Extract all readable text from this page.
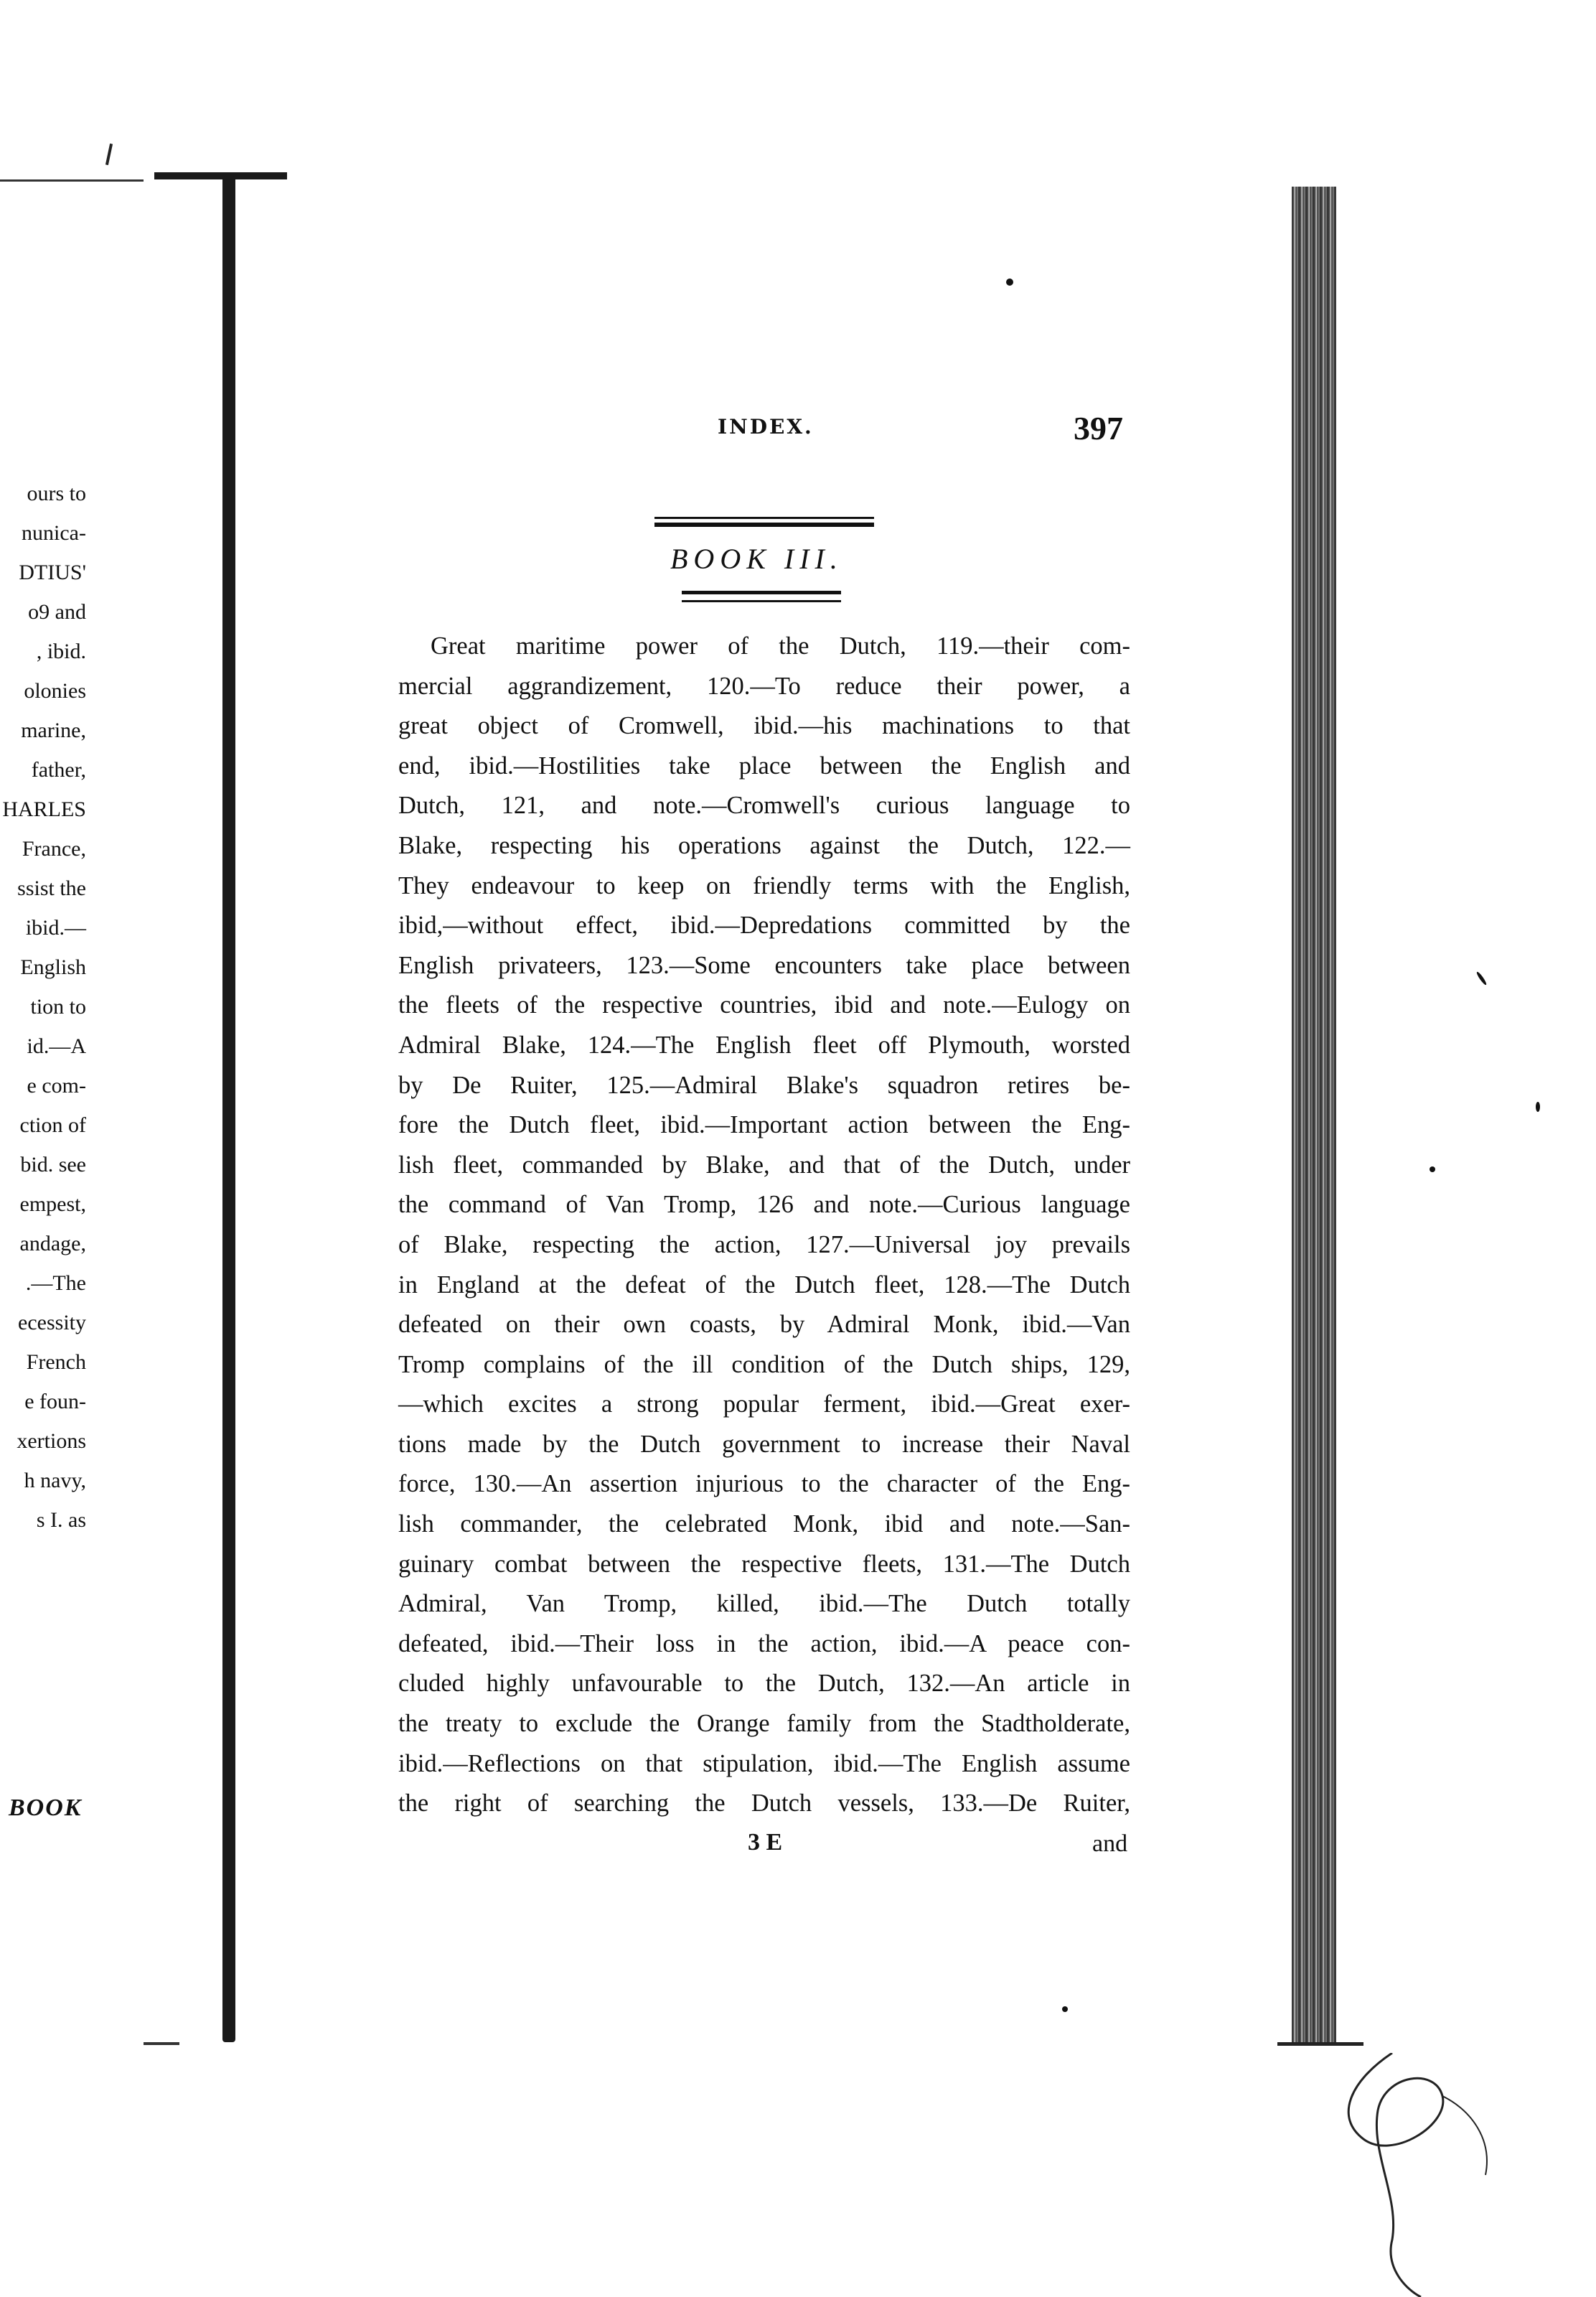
ours to
nunica-
DTIUS'
o9 and
, ibid.
olonies
marine,
father,
HARLES
France,
ssist the
ibid.—
English
tion to
id.—A
e com-
ction of
bid. see
empest,
andage,
.—The
ecessity
French
e foun-
xertions
h navy,
s I. as
BOOK
INDEX.	397
BOOK III.
Great maritime power of the Dutch, 119.—their com-
mercial aggrandizement, 120.—To reduce their power, a
great object of Cromwell, ibid.—his machinations to that
end, ibid.—Hostilities take place between the English and
Dutch, 121, and note.—Cromwell's curious language to
Blake, respecting his operations against the Dutch, 122.—
They endeavour to keep on friendly terms with the English,
ibid,—without effect, ibid.—Depredations committed by the
English privateers, 123.—Some encounters take place between
the fleets of the respective countries, ibid and note.—Eulogy on
Admiral Blake, 124.—The English fleet off Plymouth, worsted
by De Ruiter, 125.—Admiral Blake's squadron retires be-
fore the Dutch fleet, ibid.—Important action between the Eng-
lish fleet, commanded by Blake, and that of the Dutch, under
the command of Van Tromp, 126 and note.—Curious language
of Blake, respecting the action, 127.—Universal joy prevails
in England at the defeat of the Dutch fleet, 128.—The Dutch
defeated on their own coasts, by Admiral Monk, ibid.—Van
Tromp complains of the ill condition of the Dutch ships, 129,
—which excites a strong popular ferment, ibid.—Great exer-
tions made by the Dutch government to increase their Naval
force, 130.—An assertion injurious to the character of the Eng-
lish commander, the celebrated Monk, ibid and note.—San-
guinary combat between the respective fleets, 131.—The Dutch
Admiral, Van Tromp, killed, ibid.—The Dutch totally
defeated, ibid.—Their loss in the action, ibid.—A peace con-
cluded highly unfavourable to the Dutch, 132.—An article in
the treaty to exclude the Orange family from the Stadtholderate,
ibid.—Reflections on that stipulation, ibid.—The English assume
the right of searching the Dutch vessels, 133.—De Ruiter,
3 E	and
